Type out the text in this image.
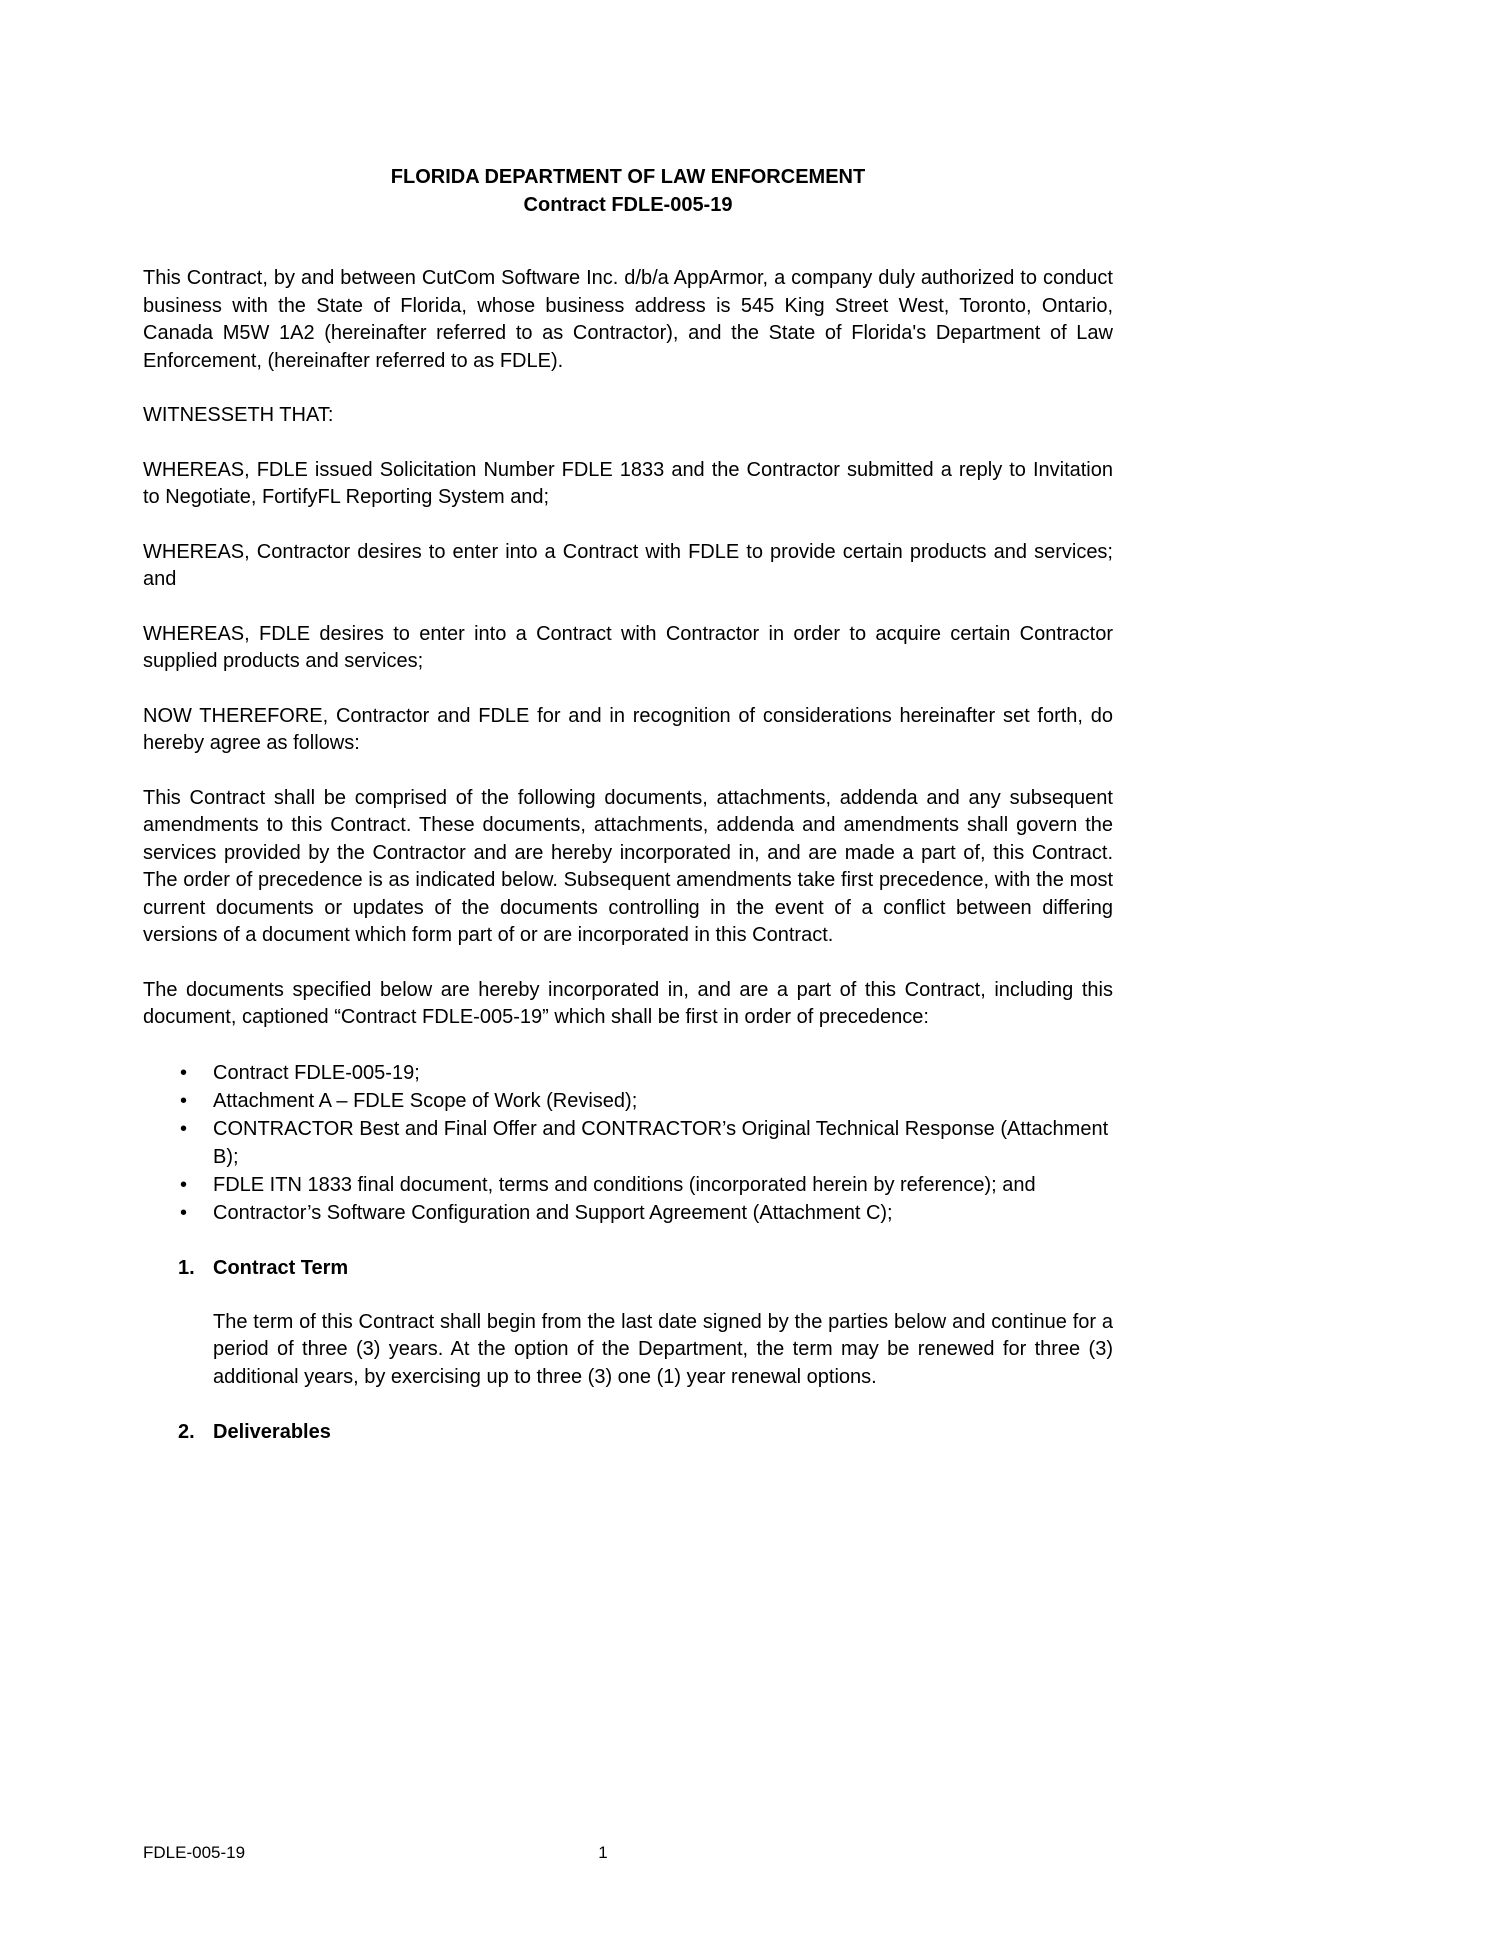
FLORIDA DEPARTMENT OF LAW ENFORCEMENT
Contract FDLE-005-19

This Contract, by and between CutCom Software Inc. d/b/a AppArmor, a company duly authorized to conduct business with the State of Florida, whose business address is 545 King Street West, Toronto, Ontario, Canada M5W 1A2 (hereinafter referred to as Contractor), and the State of Florida's Department of Law Enforcement, (hereinafter referred to as FDLE).

WITNESSETH THAT:

WHEREAS, FDLE issued Solicitation Number FDLE 1833 and the Contractor submitted a reply to Invitation to Negotiate, FortifyFL Reporting System and;

WHEREAS, Contractor desires to enter into a Contract with FDLE to provide certain products and services; and

WHEREAS, FDLE desires to enter into a Contract with Contractor in order to acquire certain Contractor supplied products and services;

NOW THEREFORE, Contractor and FDLE for and in recognition of considerations hereinafter set forth, do hereby agree as follows:

This Contract shall be comprised of the following documents, attachments, addenda and any subsequent amendments to this Contract. These documents, attachments, addenda and amendments shall govern the services provided by the Contractor and are hereby incorporated in, and are made a part of, this Contract. The order of precedence is as indicated below. Subsequent amendments take first precedence, with the most current documents or updates of the documents controlling in the event of a conflict between differing versions of a document which form part of or are incorporated in this Contract.

The documents specified below are hereby incorporated in, and are a part of this Contract, including this document, captioned “Contract FDLE-005-19” which shall be first in order of precedence:

•	Contract FDLE-005-19;
•	Attachment A – FDLE Scope of Work (Revised);
•	CONTRACTOR Best and Final Offer and CONTRACTOR’s Original Technical Response (Attachment B);
•	FDLE ITN 1833 final document, terms and conditions (incorporated herein by reference); and
•	Contractor’s Software Configuration and Support Agreement (Attachment C);
1. Contract Term

The term of this Contract shall begin from the last date signed by the parties below and continue for a period of three (3) years. At the option of the Department, the term may be renewed for three (3) additional years, by exercising up to three (3) one (1) year renewal options.

2. Deliverables
FDLE-005-19	1
